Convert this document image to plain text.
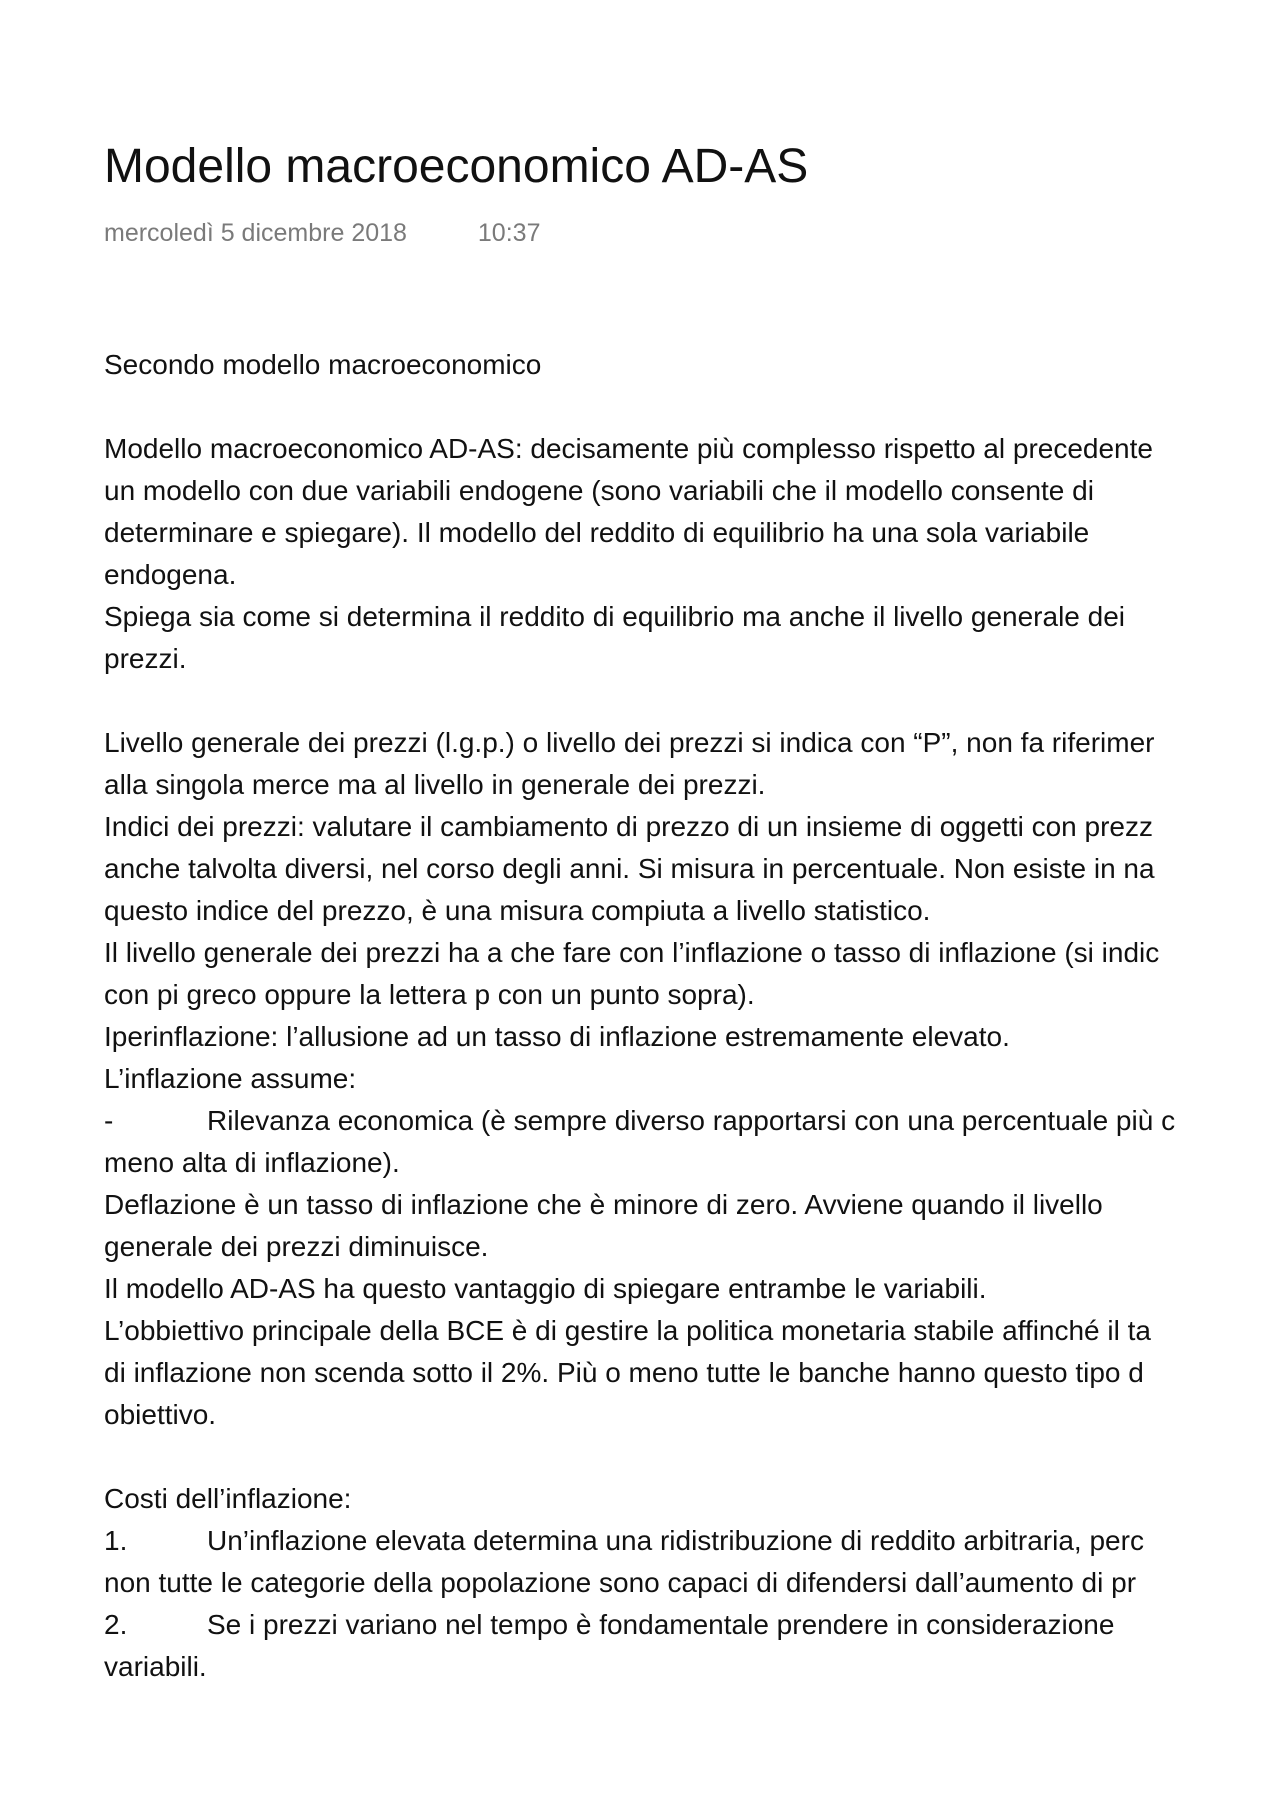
Modello macroeconomico AD-AS
mercoledì 5 dicembre 2018	10:37
Secondo modello macroeconomico
Modello macroeconomico AD-AS: decisamente più complesso rispetto al precedente
un modello con due variabili endogene (sono variabili che il modello consente di
determinare e spiegare). Il modello del reddito di equilibrio ha una sola variabile
endogena.
Spiega sia come si determina il reddito di equilibrio ma anche il livello generale dei
prezzi.
Livello generale dei prezzi (l.g.p.) o livello dei prezzi si indica con “P”, non fa riferimer
alla singola merce ma al livello in generale dei prezzi.
Indici dei prezzi: valutare il cambiamento di prezzo di un insieme di oggetti con prezz
anche talvolta diversi, nel corso degli anni. Si misura in percentuale. Non esiste in na
questo indice del prezzo, è una misura compiuta a livello statistico.
Il livello generale dei prezzi ha a che fare con l’inflazione o tasso di inflazione (si indic
con pi greco oppure la lettera p con un punto sopra).
Iperinflazione: l’allusione ad un tasso di inflazione estremamente elevato.
L’inflazione assume:
-	Rilevanza economica (è sempre diverso rapportarsi con una percentuale più c
meno alta di inflazione).
Deflazione è un tasso di inflazione che è minore di zero. Avviene quando il livello
generale dei prezzi diminuisce.
Il modello AD-AS ha questo vantaggio di spiegare entrambe le variabili.
L’obbiettivo principale della BCE è di gestire la politica monetaria stabile affinché il ta
di inflazione non scenda sotto il 2%. Più o meno tutte le banche hanno questo tipo d
obiettivo.
Costi dell’inflazione:
1.	Un’inflazione elevata determina una ridistribuzione di reddito arbitraria, perc
non tutte le categorie della popolazione sono capaci di difendersi dall’aumento di pr
2.	Se i prezzi variano nel tempo è fondamentale prendere in considerazione
variabili.
